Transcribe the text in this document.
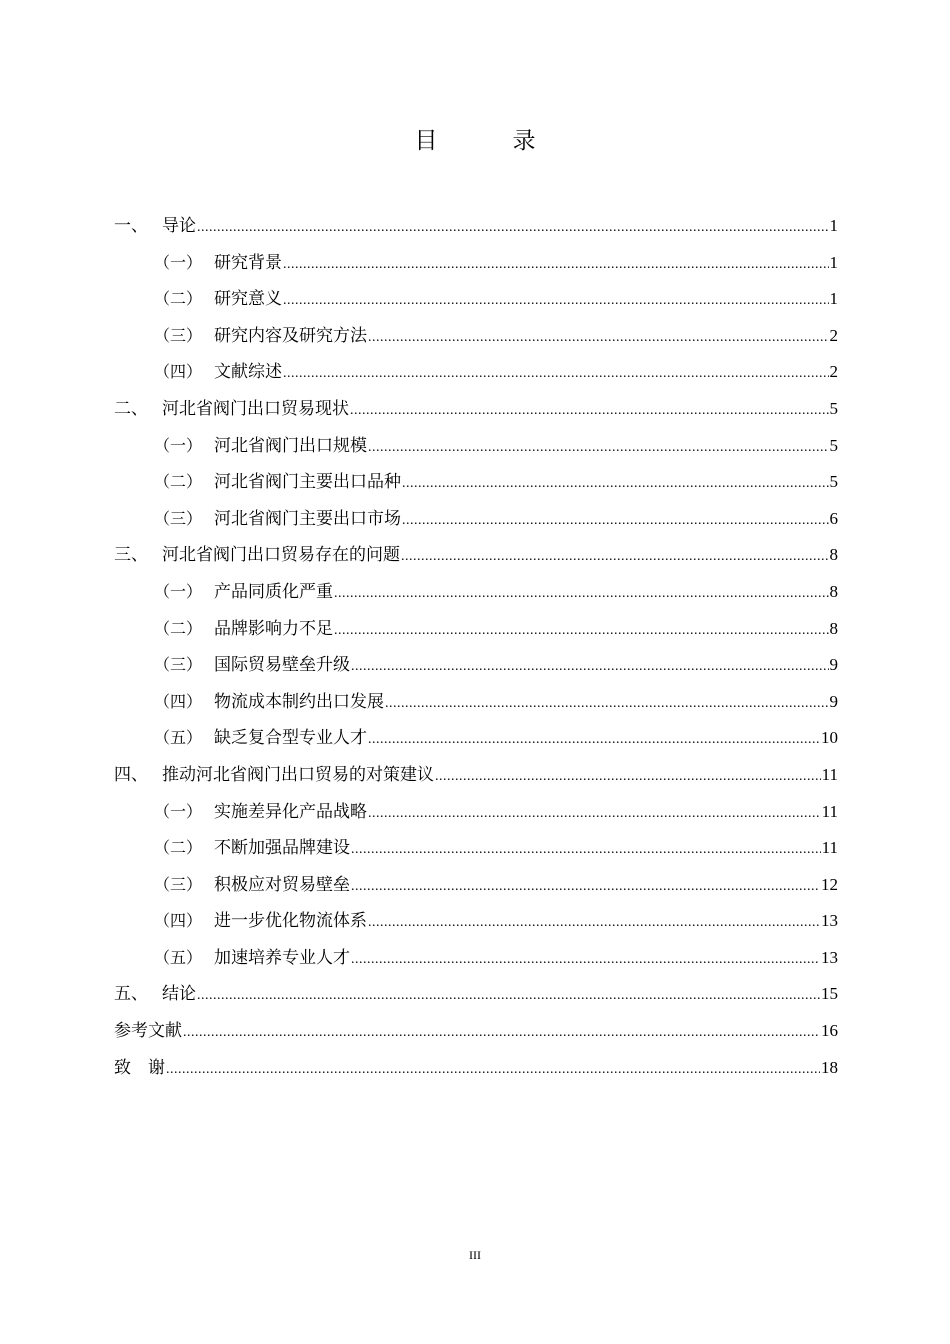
目　录
一、 导论 .....	1
（一） 研究背景 .....	1
（二） 研究意义 .....	1
（三） 研究内容及研究方法 .....	2
（四） 文献综述 .....	2
二、 河北省阀门出口贸易现状 .....	5
（一） 河北省阀门出口规模 .....	5
（二） 河北省阀门主要出口品种 .....	5
（三） 河北省阀门主要出口市场 .....	6
三、 河北省阀门出口贸易存在的问题 .....	8
（一） 产品同质化严重 .....	8
（二） 品牌影响力不足 .....	8
（三） 国际贸易壁垒升级 .....	9
（四） 物流成本制约出口发展 .....	9
（五） 缺乏复合型专业人才 .....	10
四、 推动河北省阀门出口贸易的对策建议 .....	11
（一） 实施差异化产品战略 .....	11
（二） 不断加强品牌建设 .....	11
（三） 积极应对贸易壁垒 .....	12
（四） 进一步优化物流体系 .....	13
（五） 加速培养专业人才 .....	13
五、 结论 .....	15
参考文献 .....	16
致　谢 .....	18
III
